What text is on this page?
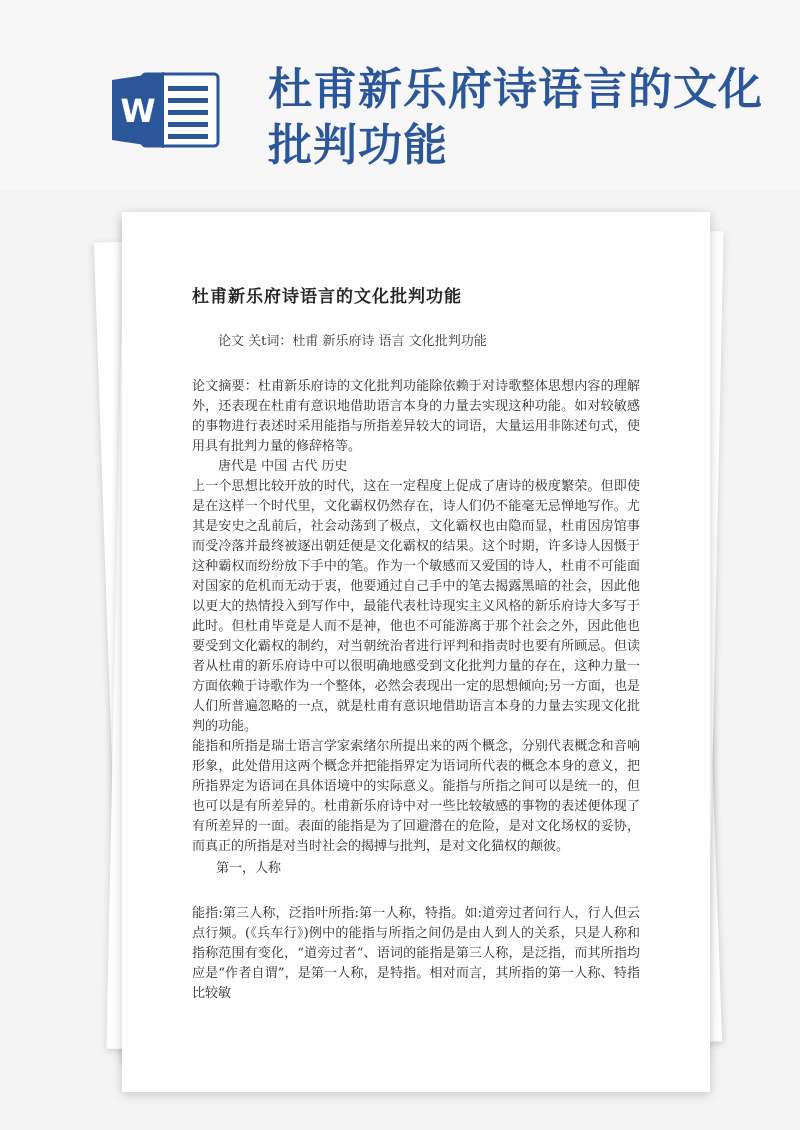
W	杜甫新乐府诗语言的文化批判功能
杜甫新乐府诗语言的文化批判功能
论文 关t词：杜甫 新乐府诗 语言 文化批判功能
论文摘要：杜甫新乐府诗的文化批判功能除依赖于对诗歌整体思想内容的理解外，还表现在杜甫有意识地借助语言本身的力量去实现这种功能。如对较敏感的事物进行表述时采用能指与所指差异较大的词语，大量运用非陈述句式，使用具有批判力量的修辞格等。
唐代是 中国 古代 历史
上一个思想比较开放的时代，这在一定程度上促成了唐诗的极度繁荣。但即使是在这样一个时代里，文化霸权仍然存在，诗人们仍不能毫无忌惮地写作。尤其是安史之乱前后，社会动荡到了极点，文化霸权也由隐而显，杜甫因房馆事而受冷落并最终被逐出朝廷便是文化霸权的结果。这个时期，许多诗人因慑于这种霸权而纷纷放下手中的笔。作为一个敏感而又爱国的诗人，杜甫不可能面对国家的危机而无动于衷，他要通过自己手中的笔去揭露黑暗的社会，因此他以更大的热情投入到写作中，最能代表杜诗现实主义风格的新乐府诗大多写于此时。但杜甫毕竟是人而不是神，他也不可能游离于那个社会之外，因此他也要受到文化霸权的制约，对当朝统治者进行评判和指责时也要有所顾忌。但读者从杜甫的新乐府诗中可以很明确地感受到文化批判力量的存在，这种力量一方面依赖于诗歌作为一个整体，必然会表现出一定的思想倾向;另一方面，也是人们所普遍忽略的一点，就是杜甫有意识地借助语言本身的力量去实现文化批判的功能。
能指和所指是瑞士语言学家索绪尔所提出来的两个概念，分别代表概念和音响形象，此处借用这两个概念并把能指界定为语词所代表的概念本身的意义，把所指界定为语词在具体语境中的实际意义。能指与所指之间可以是统一的，但也可以是有所差异的。杜甫新乐府诗中对一些比较敏感的事物的表述便体现了有所差异的一面。表面的能指是为了回避潜在的危险，是对文化场权的妥协，而真正的所指是对当时社会的揭搏与批判，是对文化猫权的颠彼。
第一，人称
能指:第三人称，泛指叶所指:第一人称，特指。如:道旁过者问行人，行人但云点行频。(《兵车行》)例中的能指与所指之间仍是由人到人的关系，只是人称和指称范围有变化，“道旁过者”、语词的能指是第三人称，是泛指，而其所指均应是“作者自谓”，是第一人称，是特指。相对而言，其所指的第一人称、特指比较敏
